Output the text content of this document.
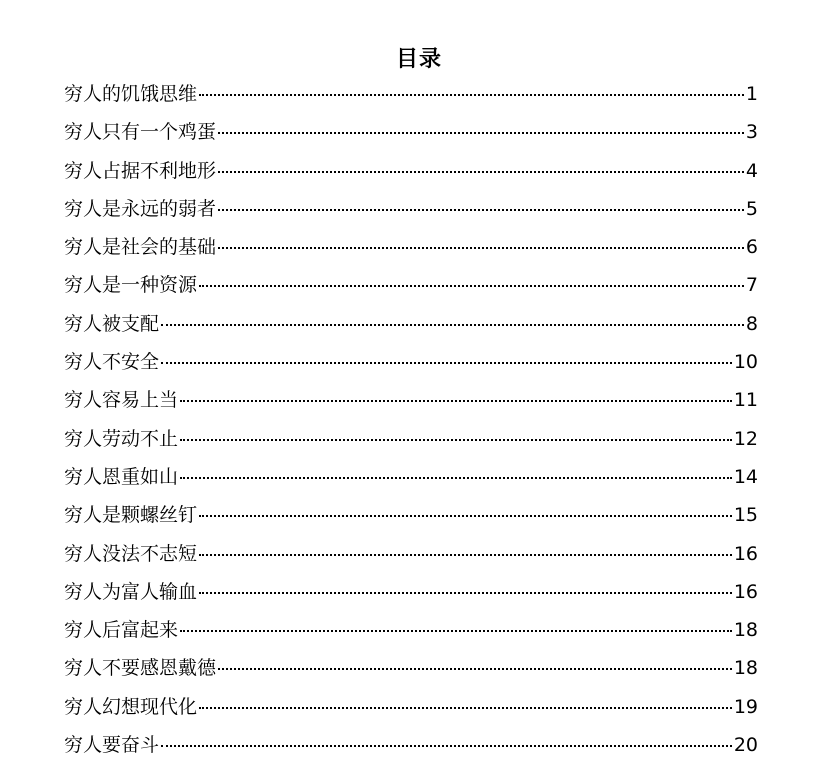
目录
穷人的饥饿思维	1
穷人只有一个鸡蛋	3
穷人占据不利地形	4
穷人是永远的弱者	5
穷人是社会的基础	6
穷人是一种资源	7
穷人被支配	8
穷人不安全	10
穷人容易上当	11
穷人劳动不止	12
穷人恩重如山	14
穷人是颗螺丝钉	15
穷人没法不志短	16
穷人为富人输血	16
穷人后富起来	18
穷人不要感恩戴德	18
穷人幻想现代化	19
穷人要奋斗	20
